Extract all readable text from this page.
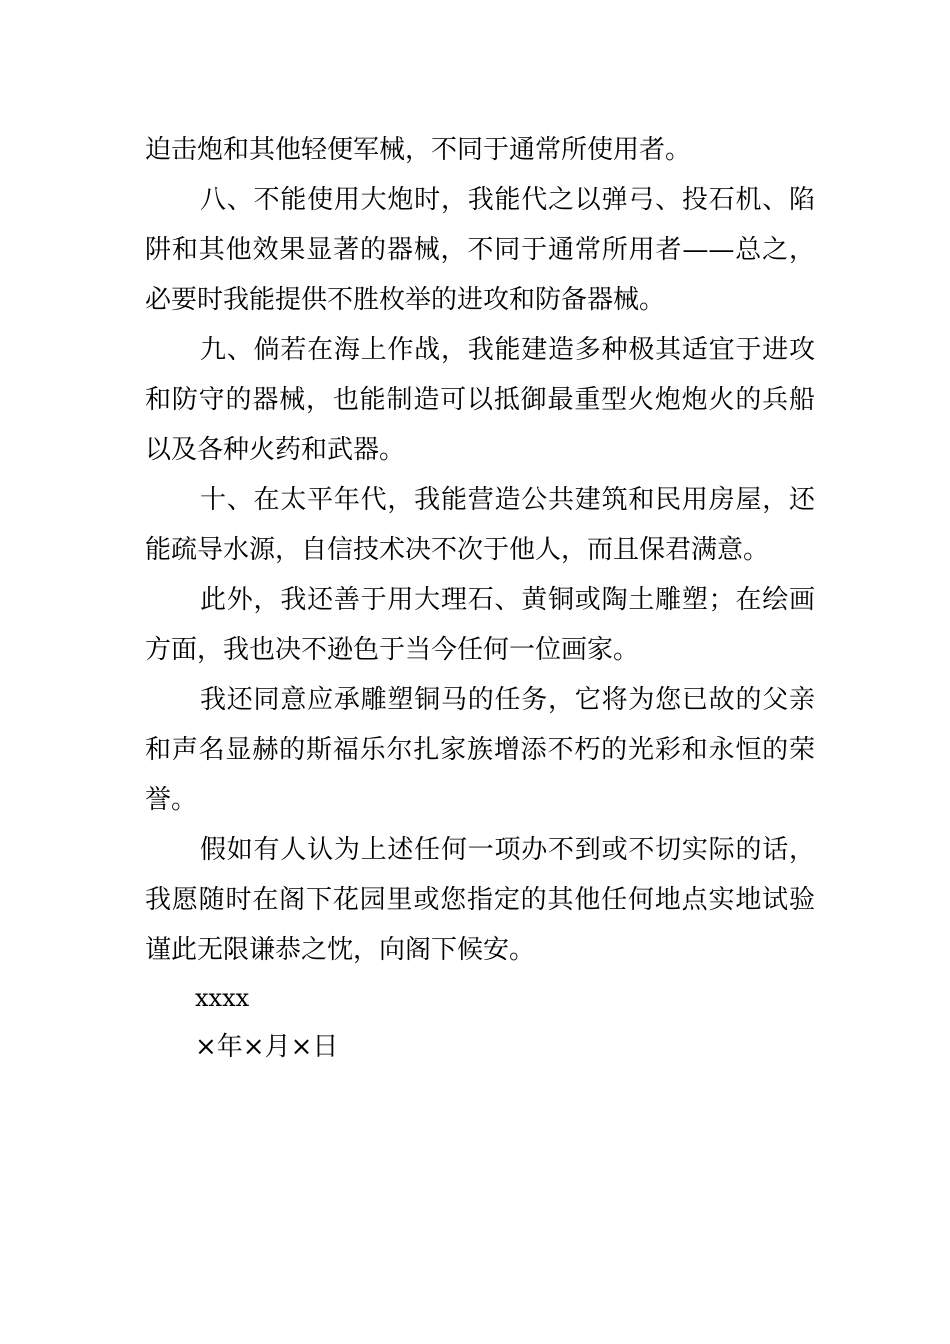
迫击炮和其他轻便军械，不同于通常所使用者。
八、不能使用大炮时，我能代之以弹弓、投石机、陷
阱和其他效果显著的器械，不同于通常所用者——总之，
必要时我能提供不胜枚举的进攻和防备器械。
九、倘若在海上作战，我能建造多种极其适宜于进攻
和防守的器械，也能制造可以抵御最重型火炮炮火的兵船
以及各种火药和武器。
十、在太平年代，我能营造公共建筑和民用房屋，还
能疏导水源，自信技术决不次于他人，而且保君满意。
此外，我还善于用大理石、黄铜或陶土雕塑；在绘画
方面，我也决不逊色于当今任何一位画家。
我还同意应承雕塑铜马的任务，它将为您已故的父亲
和声名显赫的斯福乐尔扎家族增添不朽的光彩和永恒的荣
誉。
假如有人认为上述任何一项办不到或不切实际的话，
我愿随时在阁下花园里或您指定的其他任何地点实地试验
谨此无限谦恭之忱，向阁下候安。
xxxx
×年×月×日
